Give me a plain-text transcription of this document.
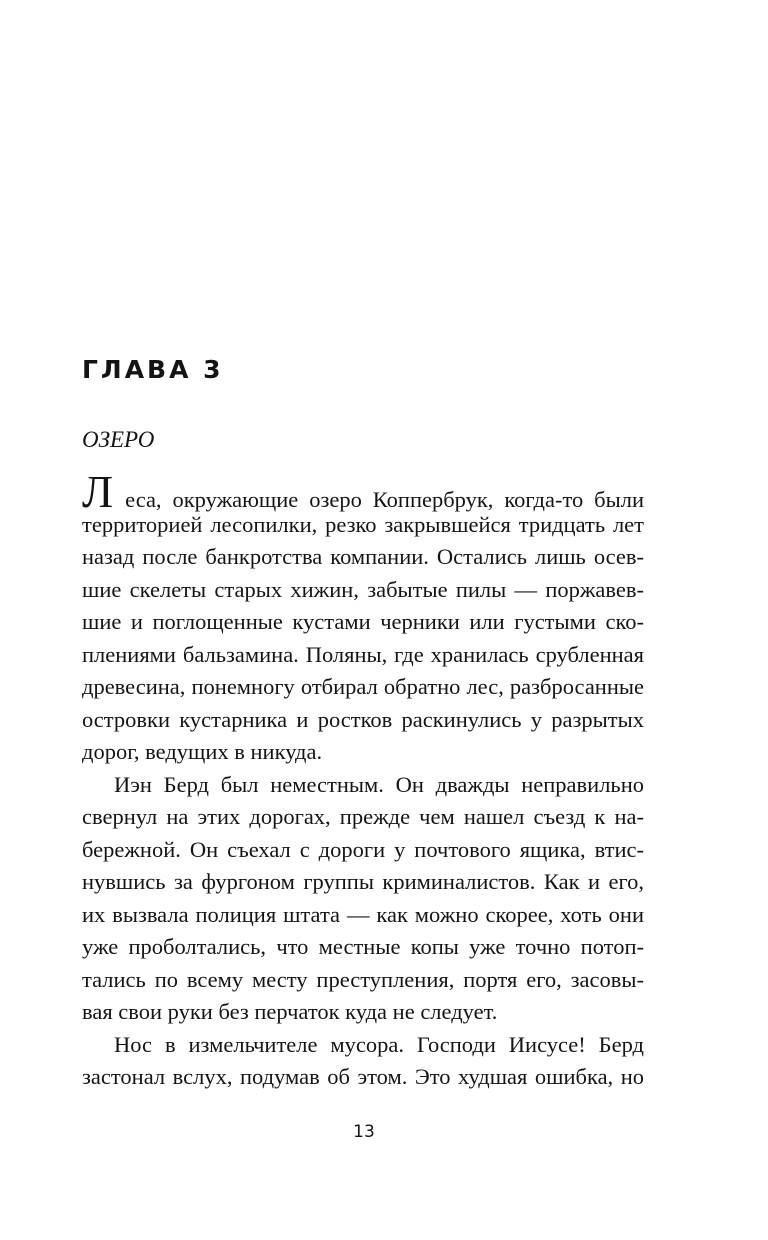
ГЛАВА 3

ОЗЕРО

Л еса, окружающие озеро Коппербрук, когда-то были
территорией лесопилки, резко закрывшейся тридцать лет
назад после банкротства компании. Остались лишь осев-
шие скелеты старых хижин, забытые пилы — поржавев-
шие и поглощенные кустами черники или густыми ско-
плениями бальзамина. Поляны, где хранилась срубленная
древесина, понемногу отбирал обратно лес, разбросанные
островки кустарника и ростков раскинулись у разрытых
дорог, ведущих в никуда.
Иэн Берд был неместным. Он дважды неправильно
свернул на этих дорогах, прежде чем нашел съезд к на-
бережной. Он съехал с дороги у почтового ящика, втис-
нувшись за фургоном группы криминалистов. Как и его,
их вызвала полиция штата — как можно скорее, хоть они
уже проболтались, что местные копы уже точно потоп-
тались по всему месту преступления, портя его, засовы-
вая свои руки без перчаток куда не следует.
Нос в измельчителе мусора. Господи Иисусе! Берд
застонал вслух, подумав об этом. Это худшая ошибка, но
13
